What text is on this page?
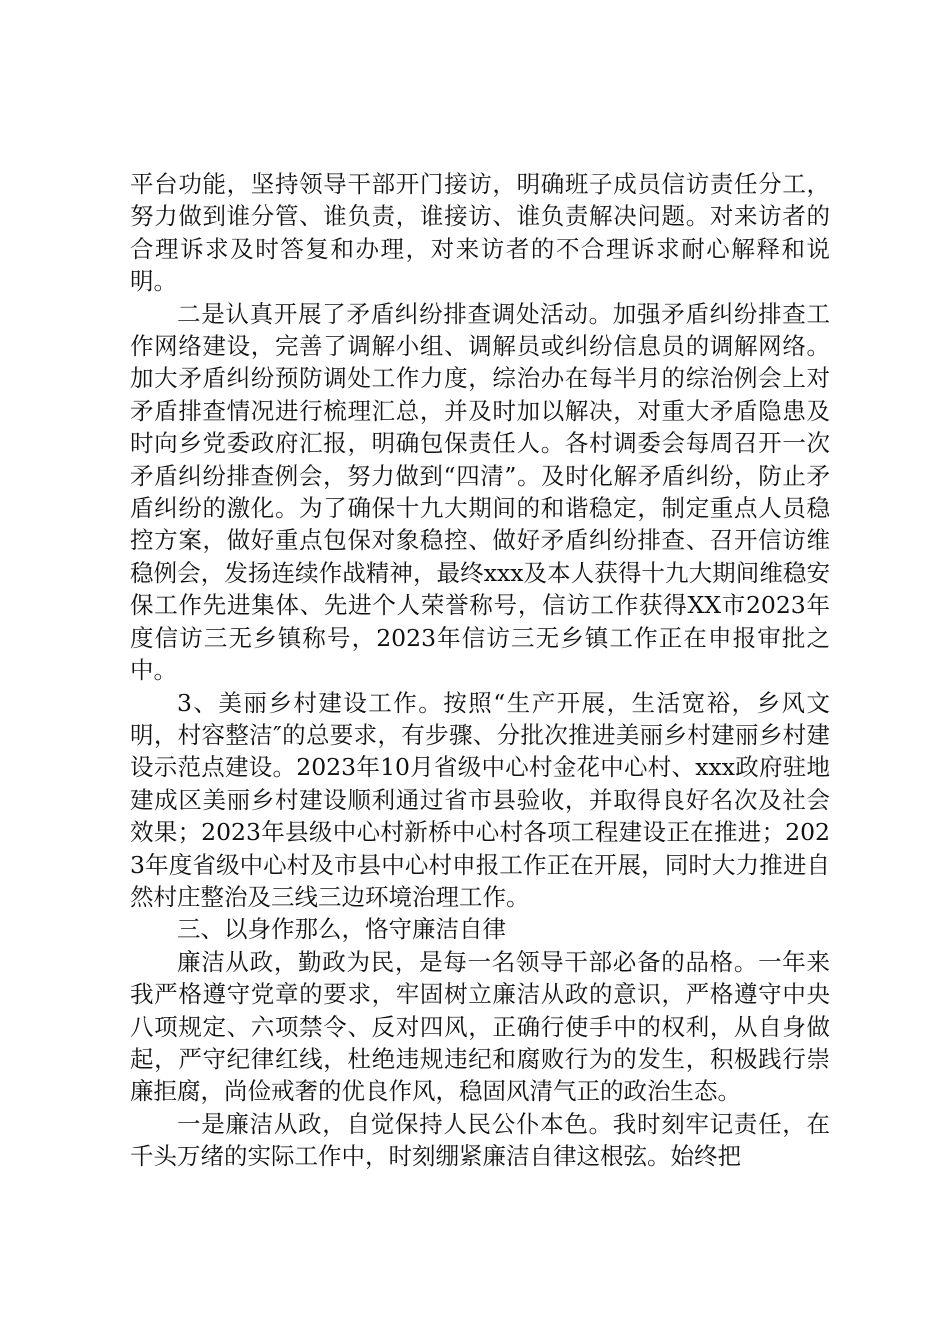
平台功能，坚持领导干部开门接访，明确班子成员信访责任分工，努力做到谁分管、谁负责，谁接访、谁负责解决问题。对来访者的合理诉求及时答复和办理，对来访者的不合理诉求耐心解释和说明。

二是认真开展了矛盾纠纷排查调处活动。加强矛盾纠纷排查工作网络建设，完善了调解小组、调解员或纠纷信息员的调解网络。加大矛盾纠纷预防调处工作力度，综治办在每半月的综治例会上对矛盾排查情况进行梳理汇总，并及时加以解决，对重大矛盾隐患及时向乡党委政府汇报，明确包保责任人。各村调委会每周召开一次矛盾纠纷排查例会，努力做到“四清”。及时化解矛盾纠纷，防止矛盾纠纷的激化。为了确保十九大期间的和谐稳定，制定重点人员稳控方案，做好重点包保对象稳控、做好矛盾纠纷排查、召开信访维稳例会，发扬连续作战精神，最终xxx及本人获得十九大期间维稳安保工作先进集体、先进个人荣誉称号，信访工作获得XX市2023年度信访三无乡镇称号，2023年信访三无乡镇工作正在申报审批之中。

3、美丽乡村建设工作。按照“生产开展，生活宽裕，乡风文明，村容整洁″的总要求，有步骤、分批次推进美丽乡村建丽乡村建设示范点建设。2023年10月省级中心村金花中心村、xxx政府驻地建成区美丽乡村建设顺利通过省市县验收，并取得良好名次及社会效果；2023年县级中心村新桥中心村各项工程建设正在推进；2023年度省级中心村及市县中心村申报工作正在开展，同时大力推进自然村庄整治及三线三边环境治理工作。

三、以身作那么，恪守廉洁自律

廉洁从政，勤政为民，是每一名领导干部必备的品格。一年来我严格遵守党章的要求，牢固树立廉洁从政的意识，严格遵守中央八项规定、六项禁令、反对四风，正确行使手中的权利，从自身做起，严守纪律红线，杜绝违规违纪和腐败行为的发生，积极践行崇廉拒腐，尚俭戒奢的优良作风，稳固风清气正的政治生态。

一是廉洁从政，自觉保持人民公仆本色。我时刻牢记责任，在千头万绪的实际工作中，时刻绷紧廉洁自律这根弦。始终把
